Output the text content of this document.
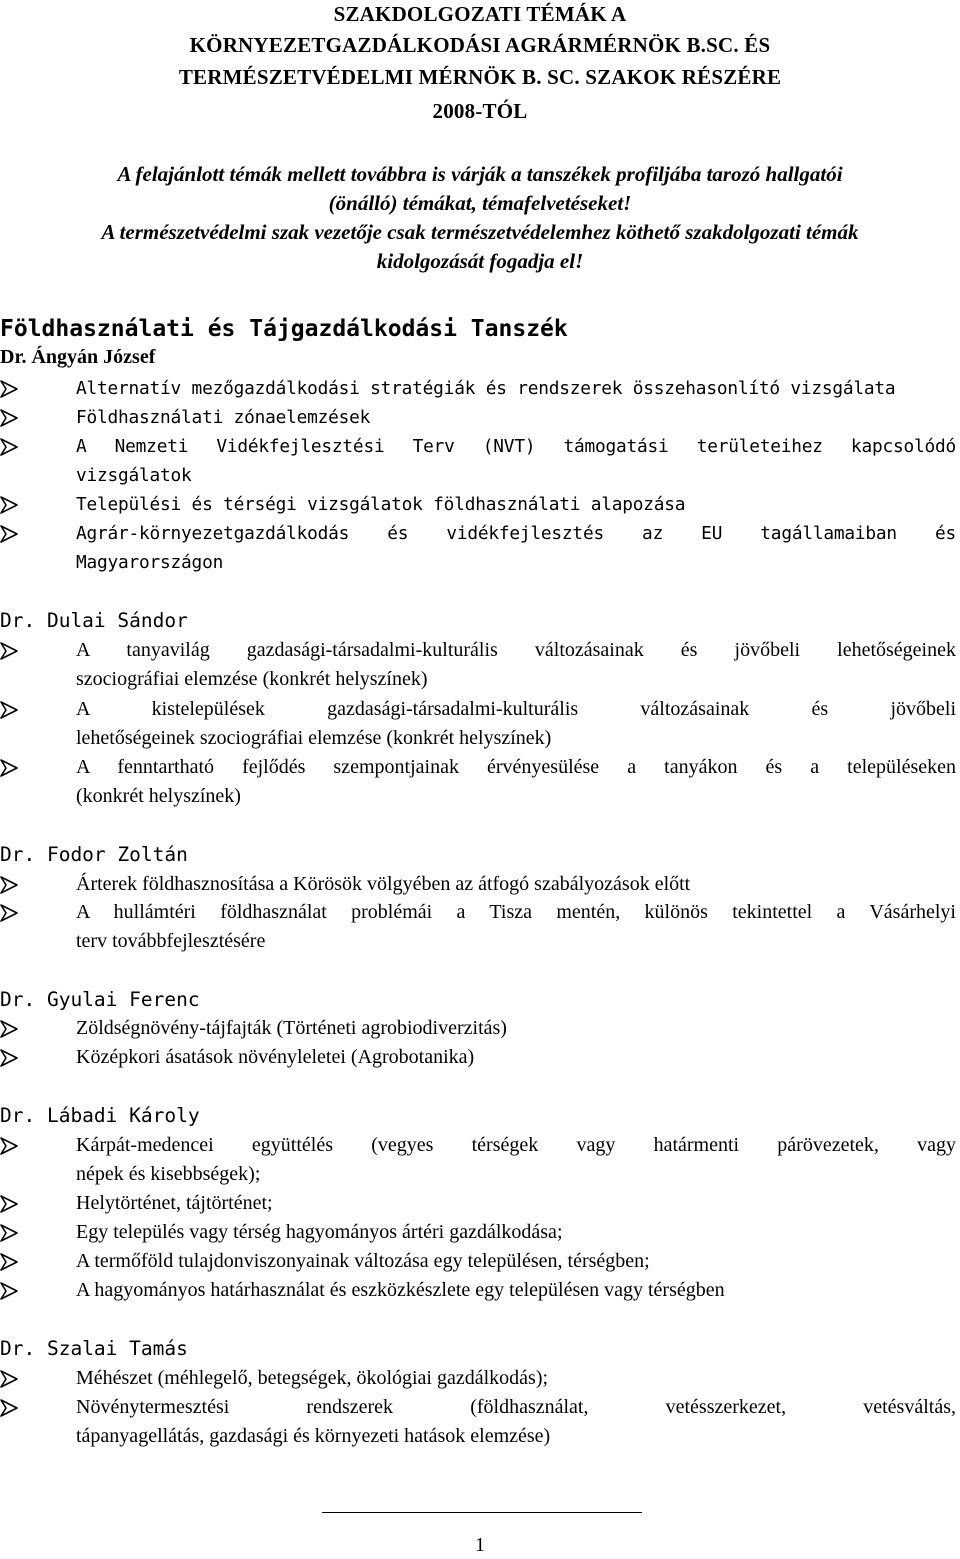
SZAKDOLGOZATI TÉMÁK A
KÖRNYEZETGAZDÁLKODÁSI AGRÁRMÉRNÖK B.SC. ÉS
TERMÉSZETVÉDELMI MÉRNÖK B. SC. SZAKOK RÉSZÉRE
2008-TÓL
A felajánlott témák mellett továbbra is várják a tanszékek profiljába tarozó hallgatói
(önálló) témákat, témafelvetéseket!
A természetvédelmi szak vezetője csak természetvédelemhez köthető szakdolgozati témák
kidolgozását fogadja el!
Földhasználati és Tájgazdálkodási Tanszék
Dr. Ángyán József
Alternatív mezőgazdálkodási stratégiák és rendszerek összehasonlító vizsgálata
Földhasználati zónaelemzések
A Nemzeti Vidékfejlesztési Terv (NVT) támogatási területeihez kapcsolódó
vizsgálatok
Települési és térségi vizsgálatok földhasználati alapozása
Agrár-környezetgazdálkodás és vidékfejlesztés az EU tagállamaiban és
Magyarországon
Dr. Dulai Sándor
A tanyavilág gazdasági-társadalmi-kulturális változásainak és jövőbeli lehetőségeinek
szociográfiai elemzése (konkrét helyszínek)
A kistelepülések gazdasági-társadalmi-kulturális változásainak és jövőbeli
lehetőségeinek szociográfiai elemzése (konkrét helyszínek)
A fenntartható fejlődés szempontjainak érvényesülése a tanyákon és a településeken
(konkrét helyszínek)
Dr. Fodor Zoltán
Árterek földhasznosítása a Körösök völgyében az átfogó szabályozások előtt
A hullámtéri földhasználat problémái a Tisza mentén, különös tekintettel a Vásárhelyi
terv továbbfejlesztésére
Dr. Gyulai Ferenc
Zöldségnövény-tájfajták (Történeti agrobiodiverzitás)
Középkori ásatások növényleletei (Agrobotanika)
Dr. Lábadi Károly
Kárpát-medencei együttélés (vegyes térségek vagy határmenti párövezetek, vagy
népek és kisebbségek);
Helytörténet, tájtörténet;
Egy település vagy térség hagyományos ártéri gazdálkodása;
A termőföld tulajdonviszonyainak változása egy településen, térségben;
A hagyományos határhasználat és eszközkészlete egy településen vagy térségben
Dr. Szalai Tamás
Méhészet (méhlegelő, betegségek, ökológiai gazdálkodás);
Növénytermesztési rendszerek (földhasználat, vetésszerkezet, vetésváltás,
tápanyagellátás, gazdasági és környezeti hatások elemzése)
1
